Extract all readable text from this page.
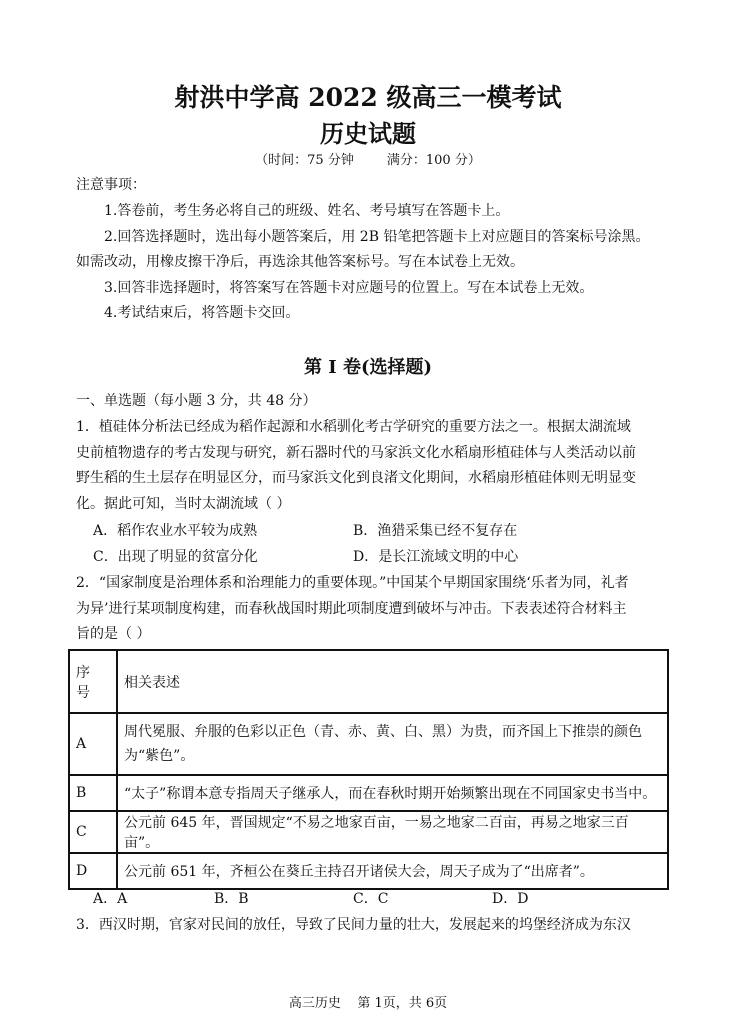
射洪中学高 2022 级高三一模考试
历史试题
（时间：75 分钟        满分：100 分）
注意事项：
1.答卷前，考生务必将自己的班级、姓名、考号填写在答题卡上。
2.回答选择题时，选出每小题答案后，用 2B 铅笔把答题卡上对应题目的答案标号涂黑。
如需改动，用橡皮擦干净后，再选涂其他答案标号。写在本试卷上无效。
3.回答非选择题时，将答案写在答题卡对应题号的位置上。写在本试卷上无效。
4.考试结束后，将答题卡交回。
第 I 卷(选择题)
一、单选题（每小题 3 分，共 48 分）
1．植硅体分析法已经成为稻作起源和水稻驯化考古学研究的重要方法之一。根据太湖流域
史前植物遗存的考古发现与研究，新石器时代的马家浜文化水稻扇形植硅体与人类活动以前
野生稻的生土层存在明显区分，而马家浜文化到良渚文化期间，水稻扇形植硅体则无明显变
化。据此可知，当时太湖流域（ ）
A．稻作农业水平较为成熟	B．渔猎采集已经不复存在
C．出现了明显的贫富分化	D．是长江流域文明的中心
2．“国家制度是治理体系和治理能力的重要体现。”中国某个早期国家围绕‘乐者为同，礼者
为异’进行某项制度构建，而春秋战国时期此项制度遭到破坏与冲击。下表表述符合材料主
旨的是（ ）
序
号	相关表述
A	周代冕服、弁服的色彩以正色（青、赤、黄、白、黑）为贵，而齐国上下推崇的颜色
为“紫色”。

B	“太子”称谓本意专指周天子继承人，而在春秋时期开始频繁出现在不同国家史书当中。
C	公元前 645 年，晋国规定“不易之地家百亩，一易之地家二百亩，再易之地家三百亩”。
D	公元前 651 年，齐桓公在葵丘主持召开诸侯大会，周天子成为了“出席者”。
A．A	B．B	C．C	D．D
3．西汉时期，官家对民间的放任，导致了民间力量的壮大，发展起来的坞堡经济成为东汉
高三历史    第 1页，共 6页
